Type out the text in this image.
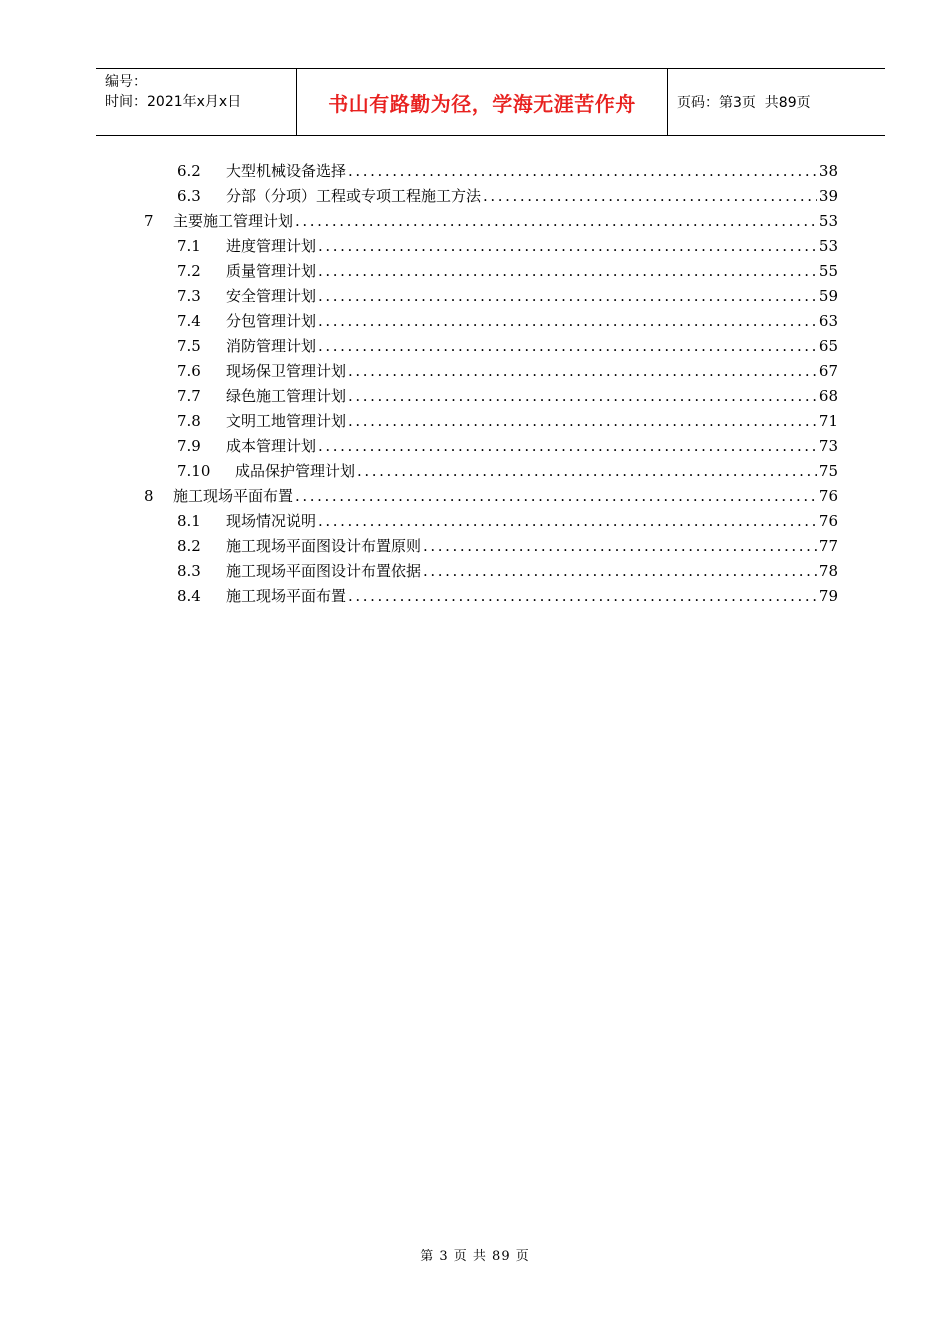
编号：
时间：2021年x月x日	书山有路勤为径，学海无涯苦作舟	页码：第3页  共89页
6.2	大型机械设备选择 .....	38
6.3	分部（分项）工程或专项工程施工方法 .....	39
7	主要施工管理计划 .....	53
7.1	进度管理计划 .....	53
7.2	质量管理计划 .....	55
7.3	安全管理计划 .....	59
7.4	分包管理计划 .....	63
7.5	消防管理计划 .....	65
7.6	现场保卫管理计划 .....	67
7.7	绿色施工管理计划 .....	68
7.8	文明工地管理计划 .....	71
7.9	成本管理计划 .....	73
7.10	成品保护管理计划 .....	75
8	施工现场平面布置 .....	76
8.1	现场情况说明 .....	76
8.2	施工现场平面图设计布置原则 .....	77
8.3	施工现场平面图设计布置依据 .....	78
8.4	施工现场平面布置 .....	79
第 3 页 共 89 页
